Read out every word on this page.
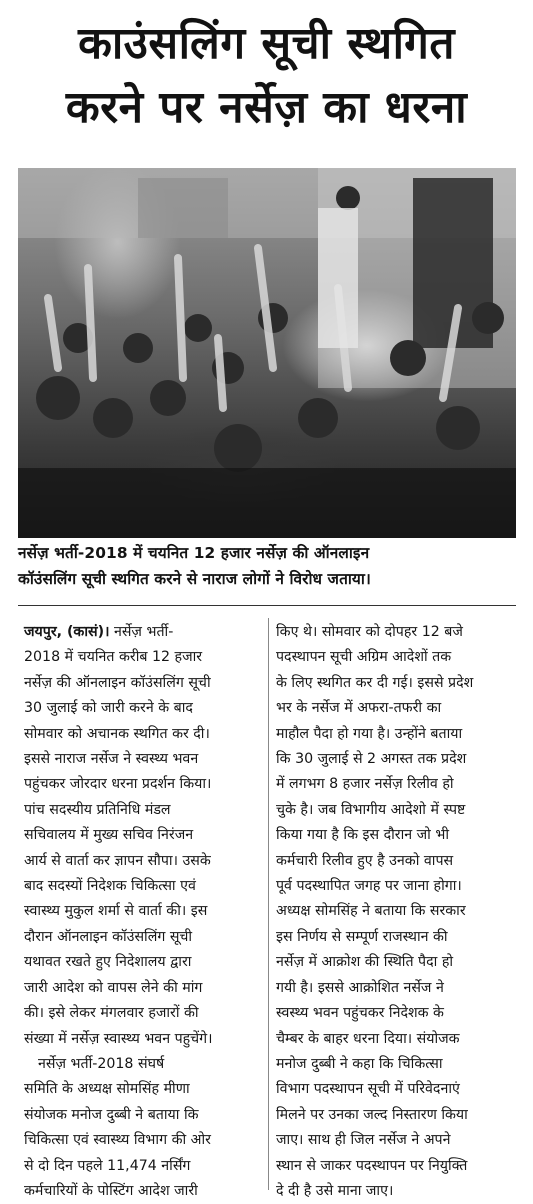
काउंसलिंग सूची स्थगित
करने पर नर्सेज़ का धरना
नर्सेज़ भर्ती-2018 में चयनित 12 हजार नर्सेज़ की ऑनलाइन
कॉउंसलिंग सूची स्थगित करने से नाराज लोगों ने विरोध जताया।
जयपुर, (कासं)। नर्सेज़ भर्ती-
2018 में चयनित करीब 12 हजार
नर्सेज़ की ऑनलाइन कॉउंसलिंग सूची
30 जुलाई को जारी करने के बाद
सोमवार को अचानक स्थगित कर दी।
इससे नाराज नर्सेज ने स्वस्थ्य भवन
पहुंचकर जोरदार धरना प्रदर्शन किया।
पांच सदस्यीय प्रतिनिधि मंडल
सचिवालय में मुख्य सचिव निरंजन
आर्य से वार्ता कर ज्ञापन सौपा। उसके
बाद सदस्यों निदेशक चिकित्सा एवं
स्वास्थ्य मुकुल शर्मा से वार्ता की। इस
दौरान ऑनलाइन कॉउंसलिंग सूची
यथावत रखते हुए निदेशालय द्वारा
जारी आदेश को वापस लेने की मांग
की। इसे लेकर मंगलवार हजारों की
संख्या में नर्सेज़ स्वास्थ्य भवन पहुचेंगे।
नर्सेज़ भर्ती-2018 संघर्ष
समिति के अध्यक्ष सोमसिंह मीणा
संयोजक मनोज दुब्बी ने बताया कि
चिकित्सा एवं स्वास्थ्य विभाग की ओर
से दो दिन पहले 11,474 नर्सिंग
कर्मचारियों के पोस्टिंग आदेश जारी
किए थे। सोमवार को दोपहर 12 बजे
पदस्थापन सूची अग्रिम आदेशों तक
के लिए स्थगित कर दी गई। इससे प्रदेश
भर के नर्सेज में अफरा-तफरी का
माहौल पैदा हो गया है। उन्होंने बताया
कि 30 जुलाई से 2 अगस्त तक प्रदेश
में लगभग 8 हजार नर्सेज़ रिलीव हो
चुके है। जब विभागीय आदेशो में स्पष्ट
किया गया है कि इस दौरान जो भी
कर्मचारी रिलीव हुए है उनको वापस
पूर्व पदस्थापित जगह पर जाना होगा।
अध्यक्ष सोमसिंह ने बताया कि सरकार
इस निर्णय से सम्पूर्ण राजस्थान की
नर्सेज़ में आक्रोश की स्थिति पैदा हो
गयी है। इससे आक्रोशित नर्सेज ने
स्वस्थ्य भवन पहुंचकर निदेशक के
चैम्बर के बाहर धरना दिया। संयोजक
मनोज दुब्बी ने कहा कि चिकित्सा
विभाग पदस्थापन सूची में परिवेदनाएं
मिलने पर उनका जल्द निस्तारण किया
जाए। साथ ही जिल नर्सेज ने अपने
स्थान से जाकर पदस्थापन पर नियुक्ति
दे दी है उसे माना जाए।
